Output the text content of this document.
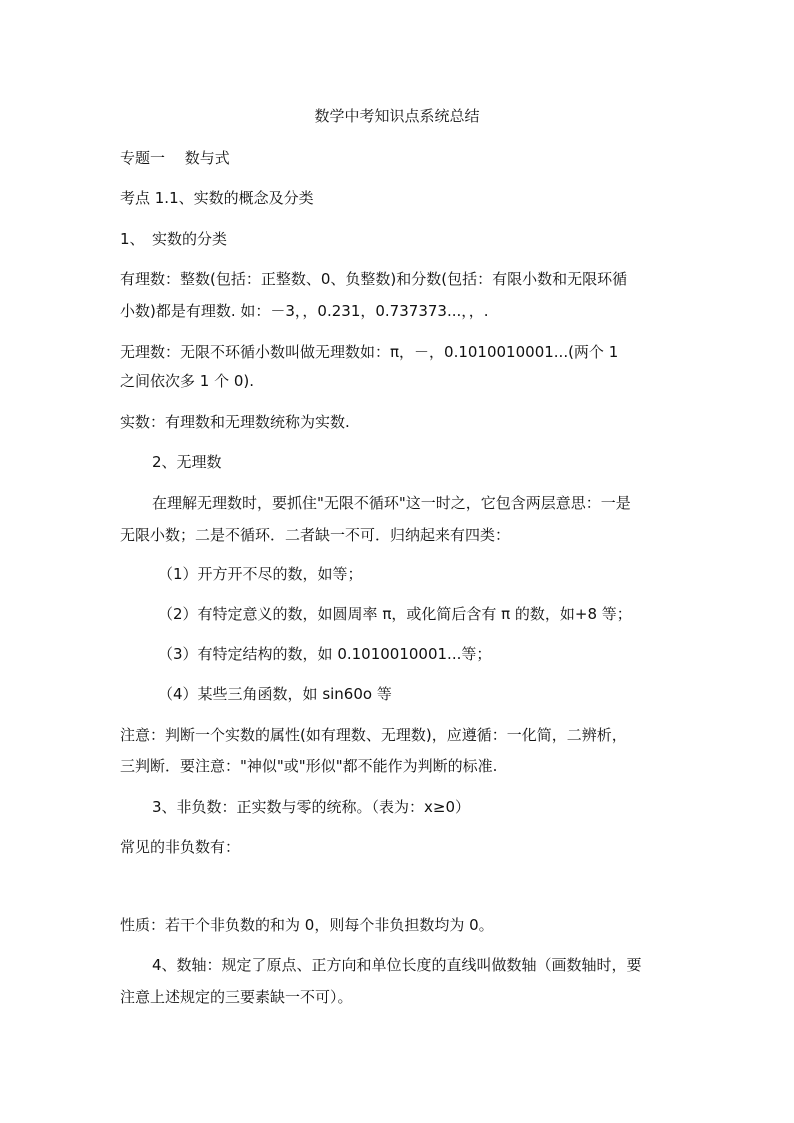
数学中考知识点系统总结
专题一　 数与式
考点 1.1、实数的概念及分类
1、　实数的分类
有理数：整数(包括：正整数、0、负整数)和分数(包括：有限小数和无限环循
小数)都是有理数. 如：－3，，0.231，0.737373...，，.
无理数：无限不环循小数叫做无理数如：π，－，0.1010010001...(两个 1
之间依次多 1 个 0).
实数：有理数和无理数统称为实数.
2、无理数
在理解无理数时，要抓住"无限不循环"这一时之，它包含两层意思：一是
无限小数；二是不循环．二者缺一不可．归纳起来有四类：
（1）开方开不尽的数，如等；
（2）有特定意义的数，如圆周率 π，或化简后含有 π 的数，如+8 等；
（3）有特定结构的数，如 0.1010010001...等；
（4）某些三角函数，如 sin60o 等
注意：判断一个实数的属性(如有理数、无理数)，应遵循：一化简，二辨析，
三判断．要注意："神似"或"形似"都不能作为判断的标准.
3、非负数：正实数与零的统称。（表为：x≥0）
常见的非负数有：
性质：若干个非负数的和为 0，则每个非负担数均为 0。
4、数轴：规定了原点、正方向和单位长度的直线叫做数轴（画数轴时，要
注意上述规定的三要素缺一不可）。
